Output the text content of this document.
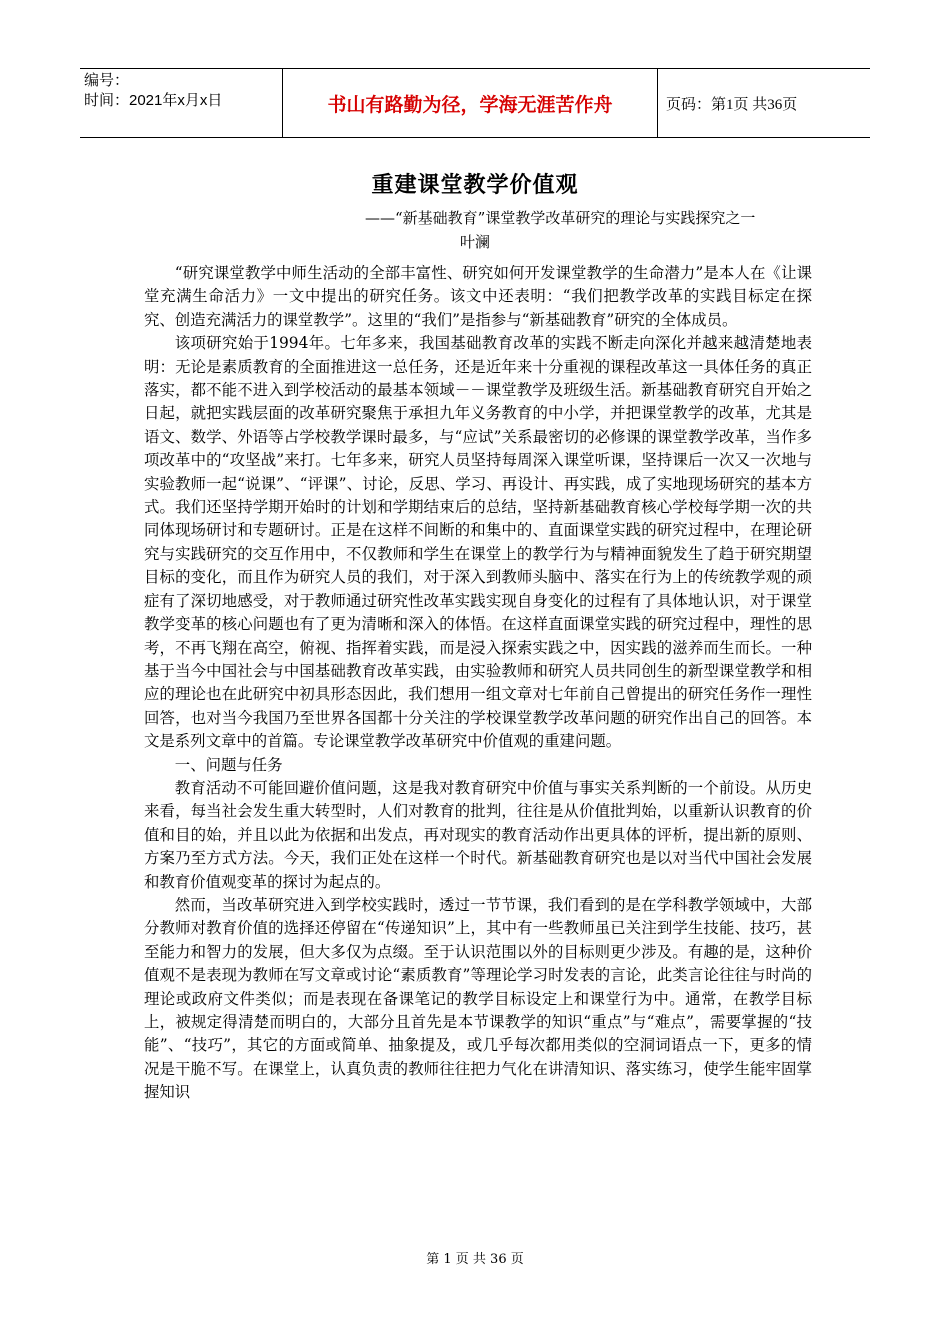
编号：
时间：2021年x月x日	书山有路勤为径，学海无涯苦作舟	页码：第1页 共36页
重建课堂教学价值观
——“新基础教育”课堂教学改革研究的理论与实践探究之一
叶澜

“研究课堂教学中师生活动的全部丰富性、研究如何开发课堂教学的生命潜力”是本人在《让课堂充满生命活力》一文中提出的研究任务。该文中还表明：“我们把教学改革的实践目标定在探究、创造充满活力的课堂教学”。这里的“我们”是指参与“新基础教育”研究的全体成员。

该项研究始于1994年。七年多来，我国基础教育改革的实践不断走向深化并越来越清楚地表明：无论是素质教育的全面推进这一总任务，还是近年来十分重视的课程改革这一具体任务的真正落实，都不能不进入到学校活动的最基本领域－－课堂教学及班级生活。新基础教育研究自开始之日起，就把实践层面的改革研究聚焦于承担九年义务教育的中小学，并把课堂教学的改革，尤其是语文、数学、外语等占学校教学课时最多，与“应试”关系最密切的必修课的课堂教学改革，当作多项改革中的“攻坚战”来打。七年多来，研究人员坚持每周深入课堂听课，坚持课后一次又一次地与实验教师一起“说课”、“评课”、讨论，反思、学习、再设计、再实践，成了实地现场研究的基本方式。我们还坚持学期开始时的计划和学期结束后的总结，坚持新基础教育核心学校每学期一次的共同体现场研讨和专题研讨。正是在这样不间断的和集中的、直面课堂实践的研究过程中，在理论研究与实践研究的交互作用中，不仅教师和学生在课堂上的教学行为与精神面貌发生了趋于研究期望目标的变化，而且作为研究人员的我们，对于深入到教师头脑中、落实在行为上的传统教学观的顽症有了深切地感受，对于教师通过研究性改革实践实现自身变化的过程有了具体地认识，对于课堂教学变革的核心问题也有了更为清晰和深入的体悟。在这样直面课堂实践的研究过程中，理性的思考，不再飞翔在高空，俯视、指挥着实践，而是浸入探索实践之中，因实践的滋养而生而长。一种基于当今中国社会与中国基础教育改革实践，由实验教师和研究人员共同创生的新型课堂教学和相应的理论也在此研究中初具形态因此，我们想用一组文章对七年前自己曾提出的研究任务作一理性回答，也对当今我国乃至世界各国都十分关注的学校课堂教学改革问题的研究作出自己的回答。本文是系列文章中的首篇。专论课堂教学改革研究中价值观的重建问题。

一、问题与任务

教育活动不可能回避价值问题，这是我对教育研究中价值与事实关系判断的一个前设。从历史来看，每当社会发生重大转型时，人们对教育的批判，往往是从价值批判始，以重新认识教育的价值和目的始，并且以此为依据和出发点，再对现实的教育活动作出更具体的评析，提出新的原则、方案乃至方式方法。今天，我们正处在这样一个时代。新基础教育研究也是以对当代中国社会发展和教育价值观变革的探讨为起点的。

然而，当改革研究进入到学校实践时，透过一节节课，我们看到的是在学科教学领域中，大部分教师对教育价值的选择还停留在“传递知识”上，其中有一些教师虽已关注到学生技能、技巧，甚至能力和智力的发展，但大多仅为点缀。至于认识范围以外的目标则更少涉及。有趣的是，这种价值观不是表现为教师在写文章或讨论“素质教育”等理论学习时发表的言论，此类言论往往与时尚的理论或政府文件类似；而是表现在备课笔记的教学目标设定上和课堂行为中。通常，在教学目标上，被规定得清楚而明白的，大部分且首先是本节课教学的知识“重点”与“难点”，需要掌握的“技能”、“技巧”，其它的方面或简单、抽象提及，或几乎每次都用类似的空洞词语点一下，更多的情况是干脆不写。在课堂上，认真负责的教师往往把力气化在讲清知识、落实练习，使学生能牢固掌握知识

第 1 页 共 36 页
